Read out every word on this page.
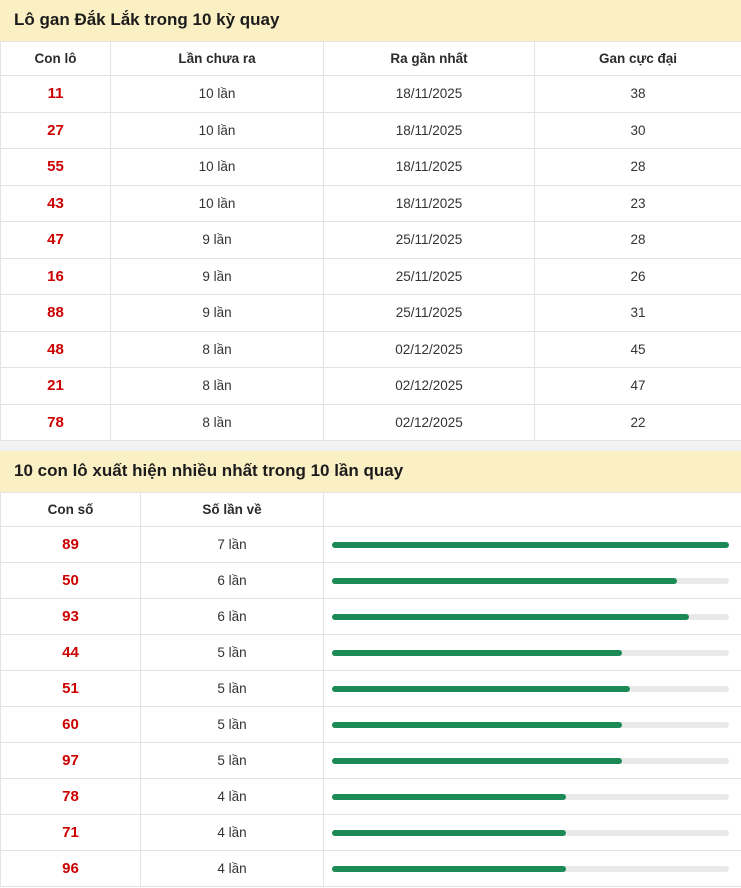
Lô gan Đắk Lắk trong 10 kỳ quay
Con lô	Lần chưa ra	Ra gần nhất	Gan cực đại
11	10 lần	18/11/2025	38
27	10 lần	18/11/2025	30
55	10 lần	18/11/2025	28
43	10 lần	18/11/2025	23
47	9 lần	25/11/2025	28
16	9 lần	25/11/2025	26
88	9 lần	25/11/2025	31
48	8 lần	02/12/2025	45
21	8 lần	02/12/2025	47
78	8 lần	02/12/2025	22
10 con lô xuất hiện nhiều nhất trong 10 lần quay
Con số	Số lần về	
89	7 lần	

50	6 lần	

93	6 lần	

44	5 lần	

51	5 lần	

60	5 lần	

97	5 lần	

78	4 lần	

71	4 lần	

96	4 lần	
